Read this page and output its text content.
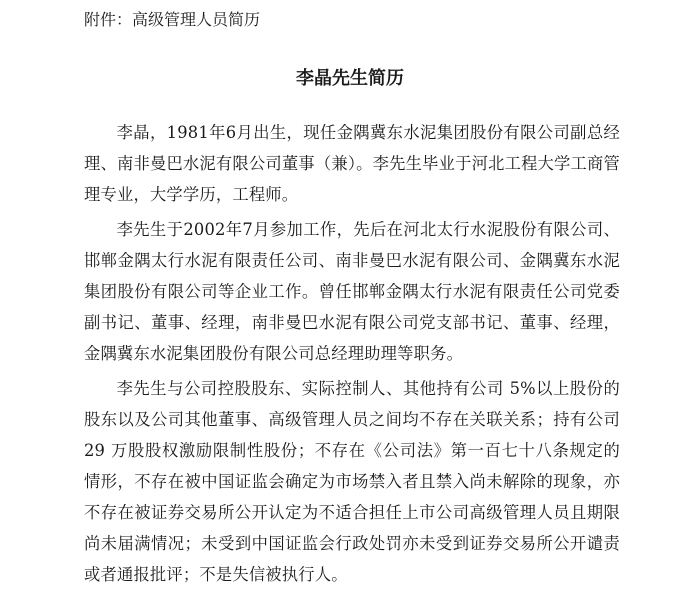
附件：高级管理人员简历

李晶先生简历

李晶，1981年6月出生，现任金隅冀东水泥集团股份有限公司副总经理、南非曼巴水泥有限公司董事（兼）。李先生毕业于河北工程大学工商管理专业，大学学历，工程师。

李先生于2002年7月参加工作，先后在河北太行水泥股份有限公司、邯郸金隅太行水泥有限责任公司、南非曼巴水泥有限公司、金隅冀东水泥集团股份有限公司等企业工作。曾任邯郸金隅太行水泥有限责任公司党委副书记、董事、经理，南非曼巴水泥有限公司党支部书记、董事、经理，金隅冀东水泥集团股份有限公司总经理助理等职务。

李先生与公司控股股东、实际控制人、其他持有公司 5%以上股份的股东以及公司其他董事、高级管理人员之间均不存在关联关系；持有公司 29 万股股权激励限制性股份；不存在《公司法》第一百七十八条规定的情形，不存在被中国证监会确定为市场禁入者且禁入尚未解除的现象，亦不存在被证券交易所公开认定为不适合担任上市公司高级管理人员且期限尚未届满情况；未受到中国证监会行政处罚亦未受到证券交易所公开谴责或者通报批评；不是失信被执行人。
